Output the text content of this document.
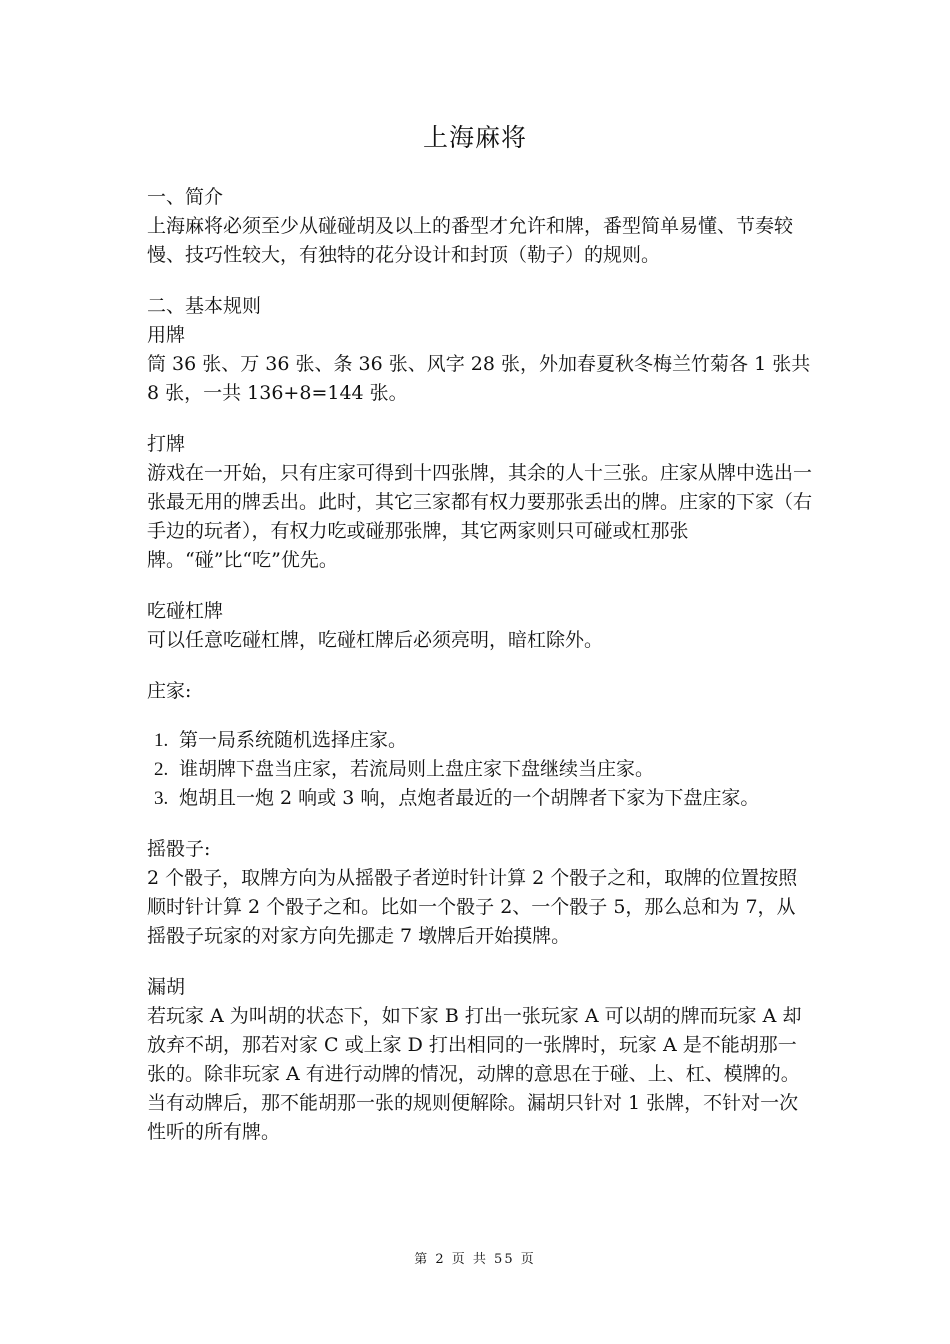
上海麻将

一、简介

上海麻将必须至少从碰碰胡及以上的番型才允许和牌，番型简单易懂、节奏较慢、技巧性较大，有独特的花分设计和封顶（勒子）的规则。

二、基本规则

用牌

筒 36 张、万 36 张、条 36 张、风字 28 张，外加春夏秋冬梅兰竹菊各 1 张共 8 张，一共 136+8=144 张。

打牌

游戏在一开始，只有庄家可得到十四张牌，其余的人十三张。庄家从牌中选出一张最无用的牌丢出。此时，其它三家都有权力要那张丢出的牌。庄家的下家（右手边的玩者），有权力吃或碰那张牌，其它两家则只可碰或杠那张牌。“碰”比“吃”优先。

吃碰杠牌

可以任意吃碰杠牌，吃碰杠牌后必须亮明，暗杠除外。

庄家:

1. 第一局系统随机选择庄家。
2. 谁胡牌下盘当庄家，若流局则上盘庄家下盘继续当庄家。
3. 炮胡且一炮 2 响或 3 响，点炮者最近的一个胡牌者下家为下盘庄家。

摇骰子:

2 个骰子，取牌方向为从摇骰子者逆时针计算 2 个骰子之和，取牌的位置按照顺时针计算 2 个骰子之和。比如一个骰子 2、一个骰子 5，那么总和为 7，从摇骰子玩家的对家方向先挪走 7 墩牌后开始摸牌。

漏胡

若玩家 A 为叫胡的状态下，如下家 B 打出一张玩家 A 可以胡的牌而玩家 A 却放弃不胡，那若对家 C 或上家 D 打出相同的一张牌时，玩家 A 是不能胡那一张的。除非玩家 A 有进行动牌的情况，动牌的意思在于碰、上、杠、模牌的。当有动牌后，那不能胡那一张的规则便解除。漏胡只针对 1 张牌，不针对一次性听的所有牌。

第 2 页 共 55 页
